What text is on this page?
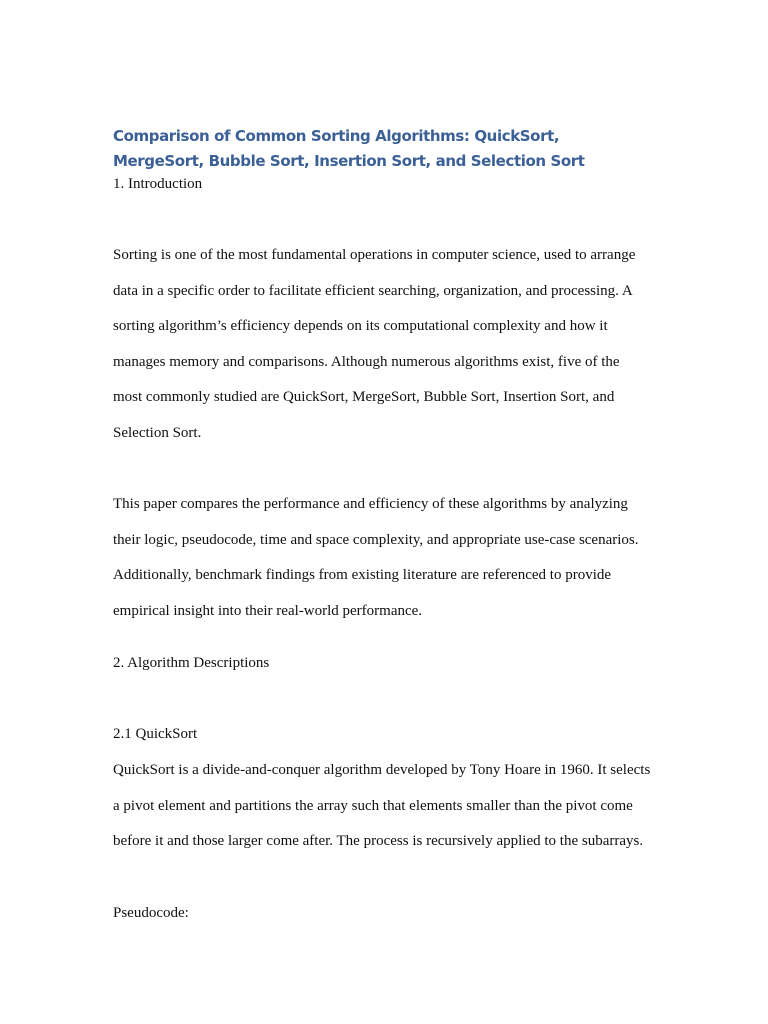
Comparison of Common Sorting Algorithms: QuickSort, MergeSort, Bubble Sort, Insertion Sort, and Selection Sort
1. Introduction
Sorting is one of the most fundamental operations in computer science, used to arrange
data in a specific order to facilitate efficient searching, organization, and processing. A
sorting algorithm’s efficiency depends on its computational complexity and how it
manages memory and comparisons. Although numerous algorithms exist, five of the
most commonly studied are QuickSort, MergeSort, Bubble Sort, Insertion Sort, and
Selection Sort.
This paper compares the performance and efficiency of these algorithms by analyzing
their logic, pseudocode, time and space complexity, and appropriate use-case scenarios.
Additionally, benchmark findings from existing literature are referenced to provide
empirical insight into their real-world performance.
2. Algorithm Descriptions
2.1 QuickSort
QuickSort is a divide-and-conquer algorithm developed by Tony Hoare in 1960. It selects
a pivot element and partitions the array such that elements smaller than the pivot come
before it and those larger come after. The process is recursively applied to the subarrays.
Pseudocode:
